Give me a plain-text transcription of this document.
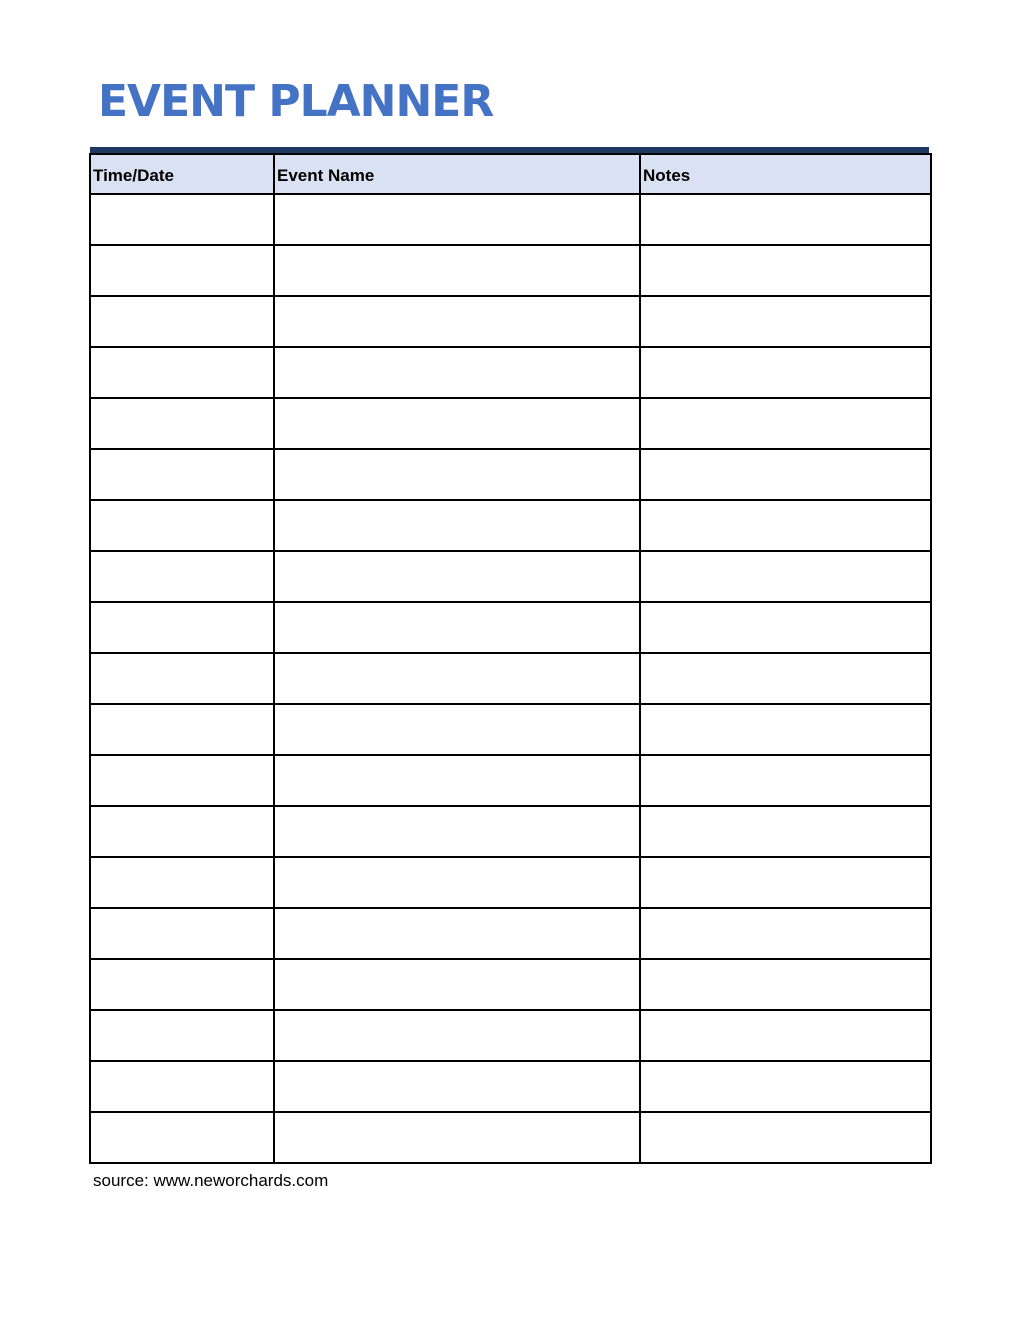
EVENT PLANNER
Time/Date	Event Name	Notes

source: www.neworchards.com
